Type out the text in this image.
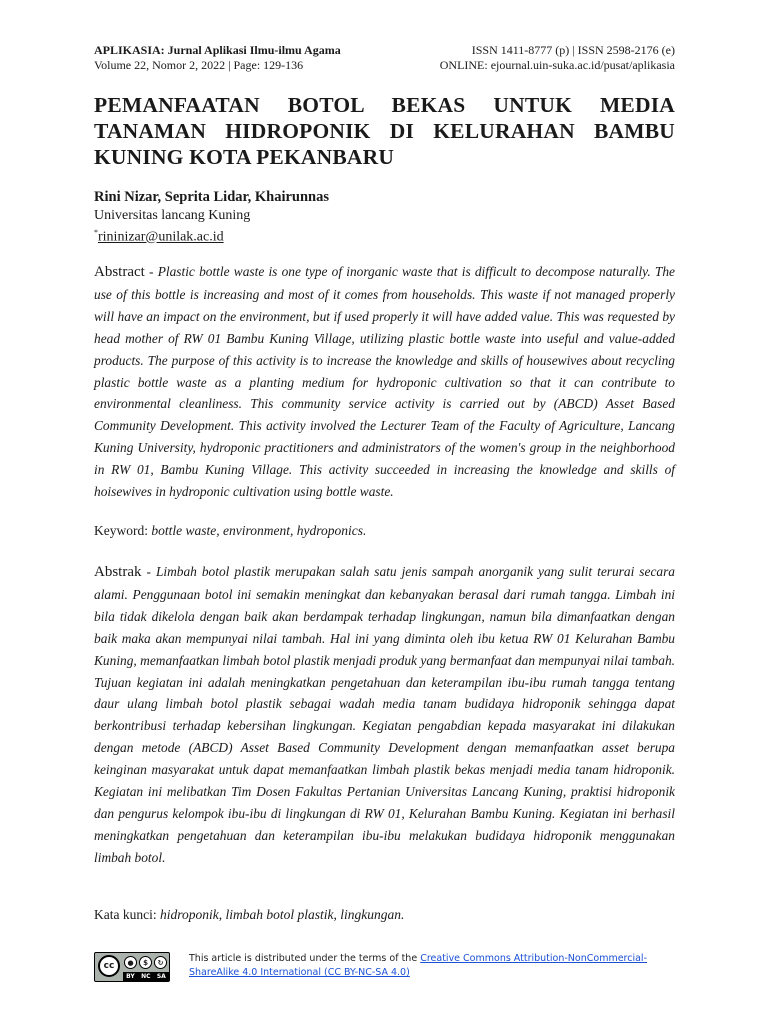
APLIKASIA: Jurnal Aplikasi Ilmu-ilmu Agama	ISSN 1411-8777 (p) | ISSN 2598-2176 (e)
Volume 22, Nomor 2, 2022 | Page: 129-136	ONLINE: ejournal.uin-suka.ac.id/pusat/aplikasia
PEMANFAATAN BOTOL BEKAS UNTUK MEDIA
TANAMAN HIDROPONIK DI KELURAHAN BAMBU
KUNING KOTA PEKANBARU
Rini Nizar, Seprita Lidar, Khairunnas
Universitas lancang Kuning
*rininizar@unilak.ac.id
Abstract - Plastic bottle waste is one type of inorganic waste that is difficult to decompose naturally. The use of this bottle is increasing and most of it comes from households. This waste if not managed properly will have an impact on the environment, but if used properly it will have added value. This was requested by head mother of RW 01 Bambu Kuning Village, utilizing plastic bottle waste into useful and value-added products. The purpose of this activity is to increase the knowledge and skills of housewives about recycling plastic bottle waste as a planting medium for hydroponic cultivation so that it can contribute to environmental cleanliness. This community service activity is carried out by (ABCD) Asset Based Community Development. This activity involved the Lecturer Team of the Faculty of Agriculture, Lancang Kuning University, hydroponic practitioners and administrators of the women's group in the neighborhood in RW 01, Bambu Kuning Village. This activity succeeded in increasing the knowledge and skills of hoisewives in hydroponic cultivation using bottle waste.
Keyword: bottle waste, environment, hydroponics.
Abstrak - Limbah botol plastik merupakan salah satu jenis sampah anorganik yang sulit terurai secara alami. Penggunaan botol ini semakin meningkat dan kebanyakan berasal dari rumah tangga. Limbah ini bila tidak dikelola dengan baik akan berdampak terhadap lingkungan, namun bila dimanfaatkan dengan baik maka akan mempunyai nilai tambah. Hal ini yang diminta oleh ibu ketua RW 01 Kelurahan Bambu Kuning, memanfaatkan limbah botol plastik menjadi produk yang bermanfaat dan mempunyai nilai tambah. Tujuan kegiatan ini adalah meningkatkan pengetahuan dan keterampilan ibu-ibu rumah tangga tentang daur ulang limbah botol plastik sebagai wadah media tanam budidaya hidroponik sehingga dapat berkontribusi terhadap kebersihan lingkungan. Kegiatan pengabdian kepada masyarakat ini dilakukan dengan metode (ABCD) Asset Based Community Development dengan memanfaatkan asset berupa keinginan masyarakat untuk dapat memanfaatkan limbah plastik bekas menjadi media tanam hidroponik. Kegiatan ini melibatkan Tim Dosen Fakultas Pertanian Universitas Lancang Kuning, praktisi hidroponik dan pengurus kelompok ibu-ibu di lingkungan di RW 01, Kelurahan Bambu Kuning. Kegiatan ini berhasil meningkatkan pengetahuan dan keterampilan ibu-ibu melakukan budidaya hidroponik menggunakan limbah botol.
Kata kunci: hidroponik, limbah botol plastik, lingkungan.
cc	●	$	↻
BY NC SA
This article is distributed under the terms of the Creative Commons Attribution-NonCommercial-ShareAlike 4.0 International (CC BY-NC-SA 4.0)
